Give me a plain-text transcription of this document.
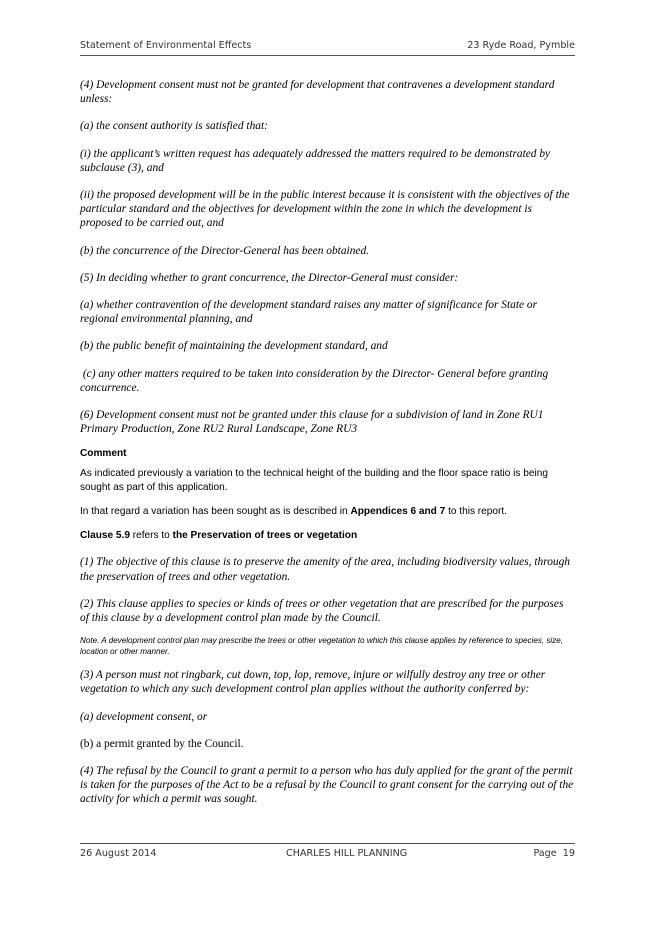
Statement of Environmental Effects	23 Ryde Road, Pymble

(4) Development consent must not be granted for development that contravenes a development standard unless:

(a) the consent authority is satisfied that:

(i) the applicant’s written request has adequately addressed the matters required to be demonstrated by subclause (3), and

(ii) the proposed development will be in the public interest because it is consistent with the objectives of the particular standard and the objectives for development within the zone in which the development is proposed to be carried out, and

(b) the concurrence of the Director-General has been obtained.

(5) In deciding whether to grant concurrence, the Director-General must consider:

(a) whether contravention of the development standard raises any matter of significance for State or regional environmental planning, and

(b) the public benefit of maintaining the development standard, and

(c) any other matters required to be taken into consideration by the Director- General before granting concurrence.

(6) Development consent must not be granted under this clause for a subdivision of land in Zone RU1 Primary Production, Zone RU2 Rural Landscape, Zone RU3

Comment

As indicated previously a variation to the technical height of the building and the floor space ratio is being sought as part of this application.

In that regard a variation has been sought as is described in Appendices 6 and 7 to this report.

Clause 5.9 refers to the Preservation of trees or vegetation

(1) The objective of this clause is to preserve the amenity of the area, including biodiversity values, through the preservation of trees and other vegetation.

(2) This clause applies to species or kinds of trees or other vegetation that are prescribed for the purposes of this clause by a development control plan made by the Council.

Note. A development control plan may prescribe the trees or other vegetation to which this clause applies by reference to species, size, location or other manner.

(3) A person must not ringbark, cut down, top, lop, remove, injure or wilfully destroy any tree or other vegetation to which any such development control plan applies without the authority conferred by:

(a) development consent, or

(b) a permit granted by the Council.

(4) The refusal by the Council to grant a permit to a person who has duly applied for the grant of the permit is taken for the purposes of the Act to be a refusal by the Council to grant consent for the carrying out of the activity for which a permit was sought.

26 August 2014	CHARLES HILL PLANNING	Page  19
